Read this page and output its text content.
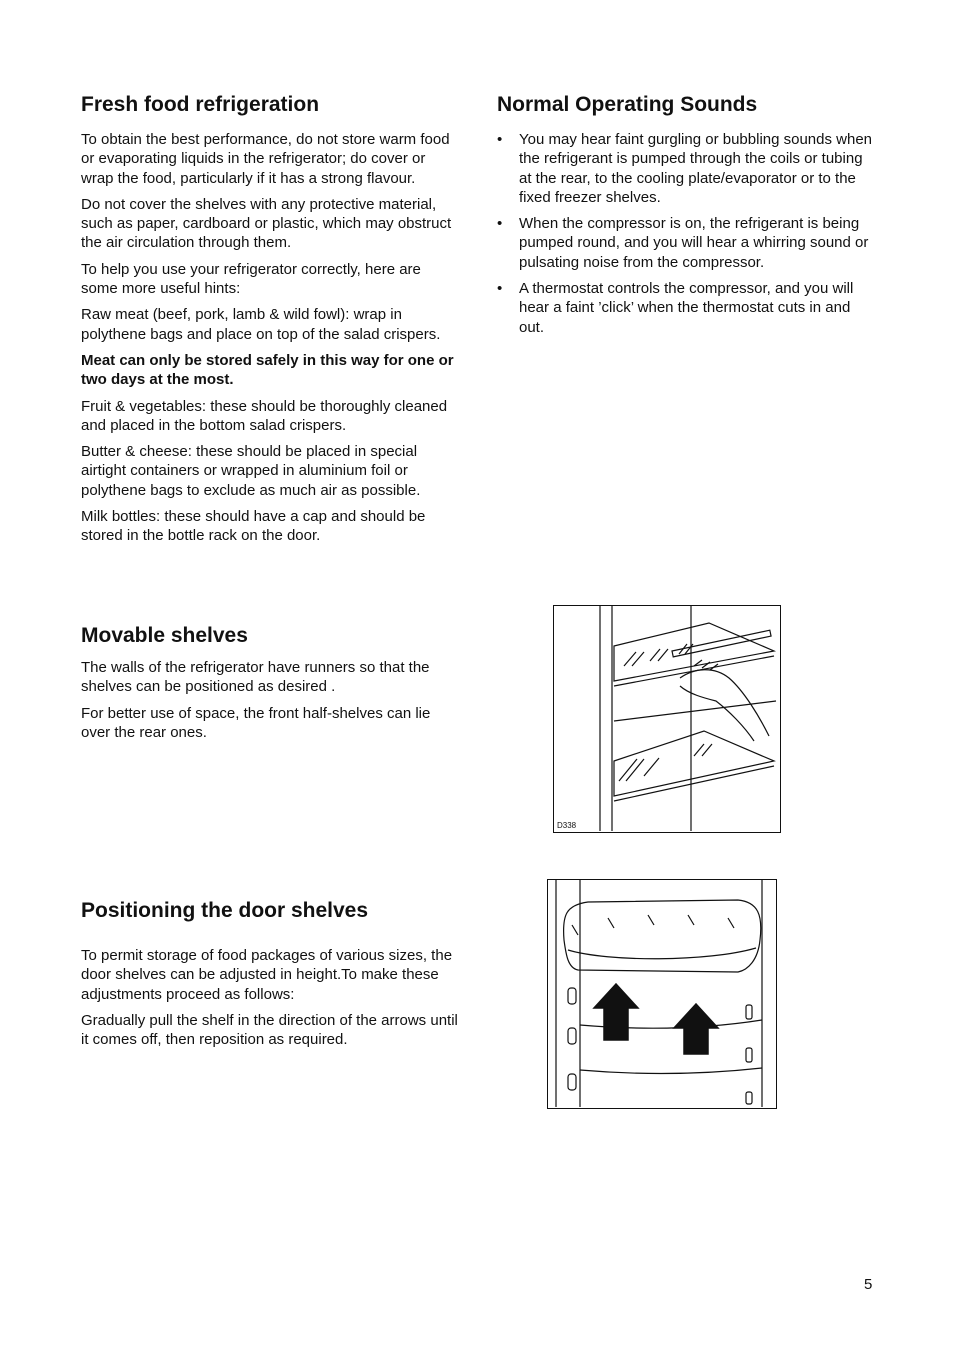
Fresh food refrigeration

To obtain the best performance, do not store warm food or evaporating liquids in the refrigerator; do cover or wrap the food, particularly if it has a strong flavour.

Do not cover the shelves with any protective material, such as paper, cardboard or plastic, which may obstruct the air circulation through them.

To help you use your refrigerator correctly, here are some more useful hints:

Raw meat (beef, pork, lamb & wild fowl): wrap in polythene bags and place on top of the salad crispers.

Meat can only be stored safely in this way for one or two days at the most.

Fruit & vegetables: these should be thoroughly cleaned and placed in the bottom salad crispers.

Butter & cheese: these should be placed in special airtight containers or wrapped in aluminium foil or polythene bags to exclude as much air as possible.

Milk bottles: these should have a cap and should be stored in the bottle rack on the door.

Normal Operating Sounds
• You may hear faint gurgling or bubbling sounds when the refrigerant is pumped through the coils or tubing at the rear, to the cooling plate/evaporator or to the fixed freezer shelves.
• When the compressor is on, the refrigerant is being pumped round, and you will hear a whirring sound or pulsating noise from the compressor.
• A thermostat controls the compressor, and you will hear a faint ’click’ when the thermostat cuts in and out.
Movable shelves

The walls of the refrigerator have runners so that the shelves can be positioned as desired .

For better use of space, the front half-shelves can lie over the rear ones.

D338
Positioning the door shelves

To permit storage of food packages of various sizes, the door shelves can be adjusted in height.To make these adjustments proceed as follows:

Gradually pull the shelf in the direction of the arrows until it comes off, then reposition as required.

5
